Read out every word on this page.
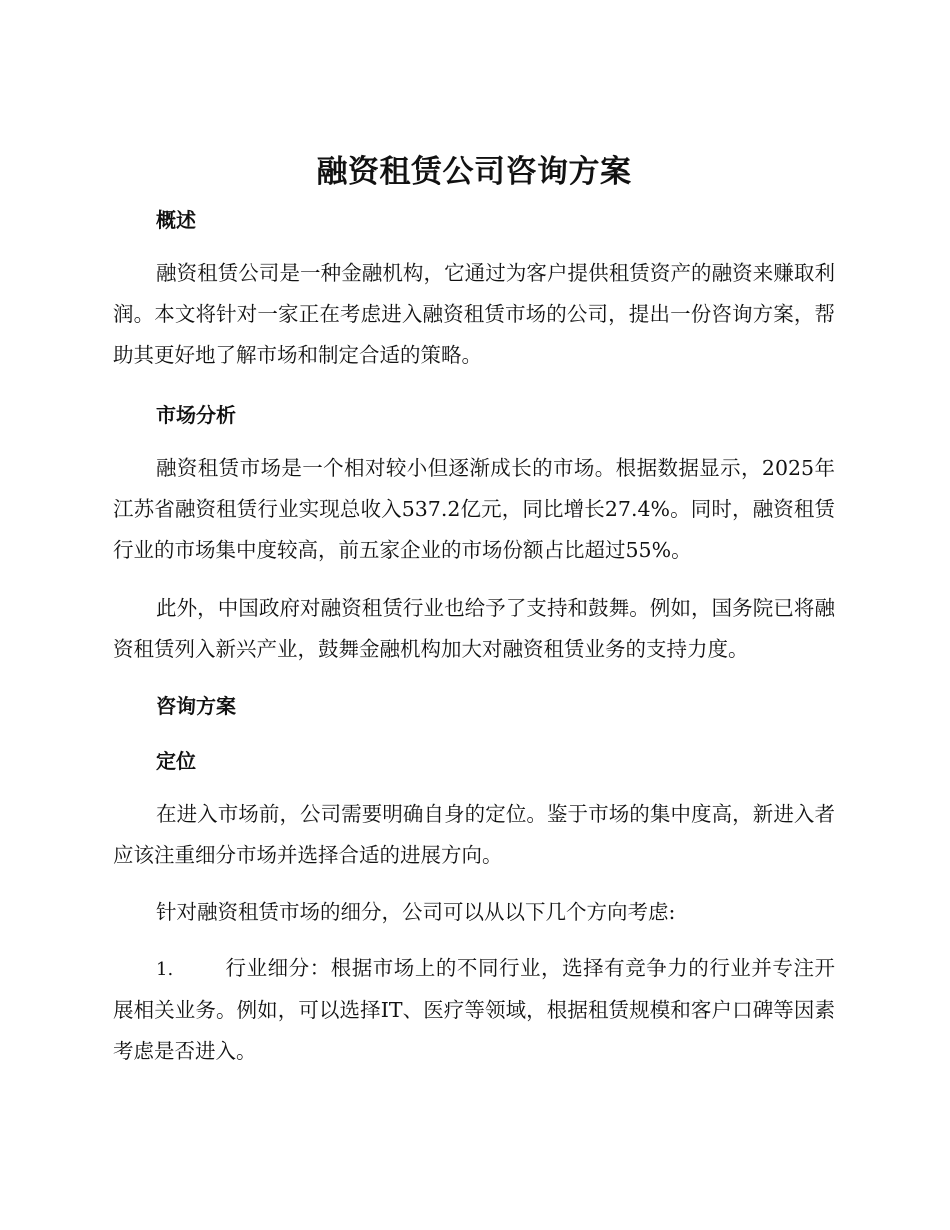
融资租赁公司咨询方案
概述

融资租赁公司是一种金融机构，它通过为客户提供租赁资产的融资来赚取利润。本文将针对一家正在考虑进入融资租赁市场的公司，提出一份咨询方案，帮助其更好地了解市场和制定合适的策略。

市场分析

融资租赁市场是一个相对较小但逐渐成长的市场。根据数据显示，2025年江苏省融资租赁行业实现总收入537.2亿元，同比增长27.4%。同时，融资租赁行业的市场集中度较高，前五家企业的市场份额占比超过55%。

此外，中国政府对融资租赁行业也给予了支持和鼓舞。例如，国务院已将融资租赁列入新兴产业，鼓舞金融机构加大对融资租赁业务的支持力度。

咨询方案
定位

在进入市场前，公司需要明确自身的定位。鉴于市场的集中度高，新进入者应该注重细分市场并选择合适的进展方向。

针对融资租赁市场的细分，公司可以从以下几个方向考虑:

1.	行业细分：根据市场上的不同行业，选择有竞争力的行业并专注开展相关业务。例如，可以选择IT、医疗等领域，根据租赁规模和客户口碑等因素考虑是否进入。
